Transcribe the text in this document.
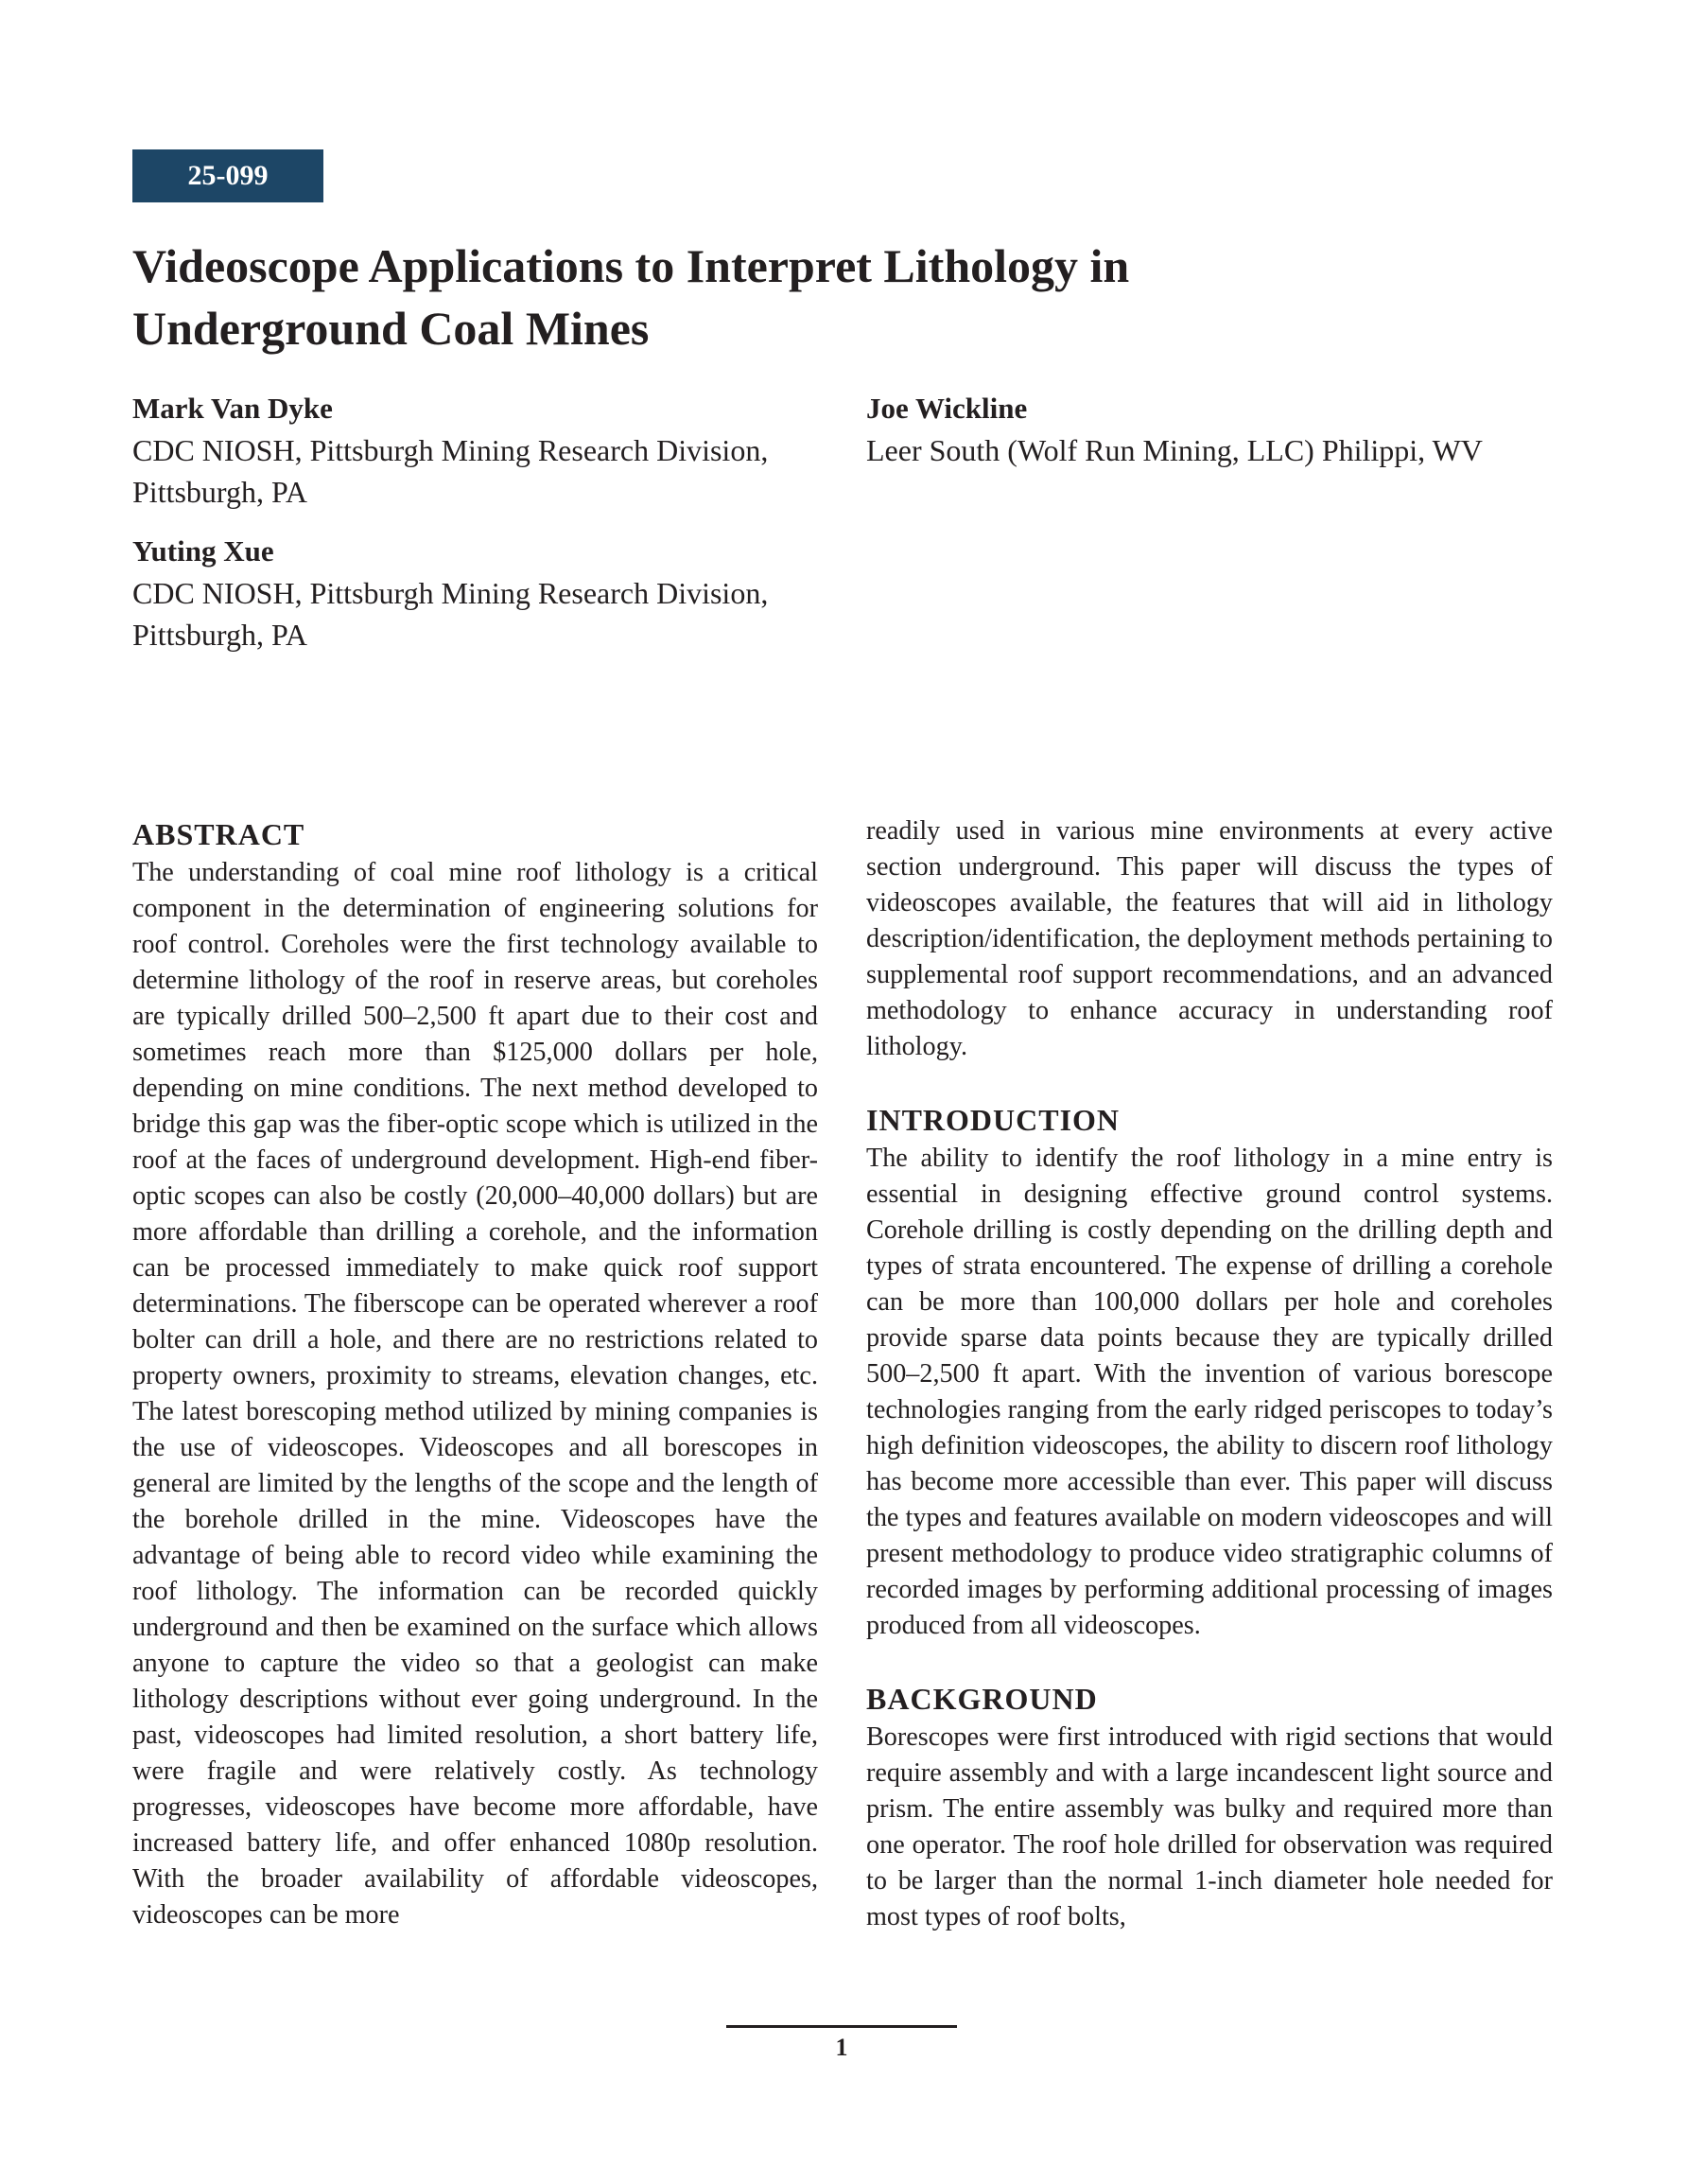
25-099
Videoscope Applications to Interpret Lithology in
Underground Coal Mines
Mark Van Dyke
CDC NIOSH, Pittsburgh Mining Research Division,
Pittsburgh, PA
Yuting Xue
CDC NIOSH, Pittsburgh Mining Research Division,
Pittsburgh, PA
Joe Wickline
Leer South (Wolf Run Mining, LLC) Philippi, WV
ABSTRACT

The understanding of coal mine roof lithology is a critical component in the determination of engineering solutions for roof control. Coreholes were the first technology available to determine lithology of the roof in reserve areas, but coreholes are typically drilled 500–2,500 ft apart due to their cost and sometimes reach more than $125,000 dollars per hole, depending on mine conditions. The next method developed to bridge this gap was the fiber-optic scope which is utilized in the roof at the faces of underground development. High-end fiber-optic scopes can also be costly (20,000–40,000 dollars) but are more affordable than drilling a corehole, and the information can be processed immediately to make quick roof support determinations. The fiberscope can be operated wherever a roof bolter can drill a hole, and there are no restrictions related to property owners, proximity to streams, elevation changes, etc. The latest borescoping method utilized by mining companies is the use of videoscopes. Videoscopes and all borescopes in general are limited by the lengths of the scope and the length of the borehole drilled in the mine. Videoscopes have the advantage of being able to record video while examining the roof lithology. The information can be recorded quickly underground and then be examined on the surface which allows anyone to capture the video so that a geologist can make lithology descriptions without ever going underground. In the past, videoscopes had limited resolution, a short battery life, were fragile and were relatively costly. As technology progresses, videoscopes have become more affordable, have increased battery life, and offer enhanced 1080p resolution. With the broader availability of affordable videoscopes, videoscopes can be more

readily used in various mine environments at every active section underground. This paper will discuss the types of videoscopes available, the features that will aid in lithology description/identification, the deployment methods pertaining to supplemental roof support recommendations, and an advanced methodology to enhance accuracy in understanding roof lithology.

INTRODUCTION

The ability to identify the roof lithology in a mine entry is essential in designing effective ground control systems. Corehole drilling is costly depending on the drilling depth and types of strata encountered. The expense of drilling a corehole can be more than 100,000 dollars per hole and coreholes provide sparse data points because they are typically drilled 500–2,500 ft apart. With the invention of various borescope technologies ranging from the early ridged periscopes to today’s high definition videoscopes, the ability to discern roof lithology has become more accessible than ever. This paper will discuss the types and features available on modern videoscopes and will present methodology to produce video stratigraphic columns of recorded images by performing additional processing of images produced from all videoscopes.

BACKGROUND

Borescopes were first introduced with rigid sections that would require assembly and with a large incandescent light source and prism. The entire assembly was bulky and required more than one operator. The roof hole drilled for observation was required to be larger than the normal 1-inch diameter hole needed for most types of roof bolts,

1
